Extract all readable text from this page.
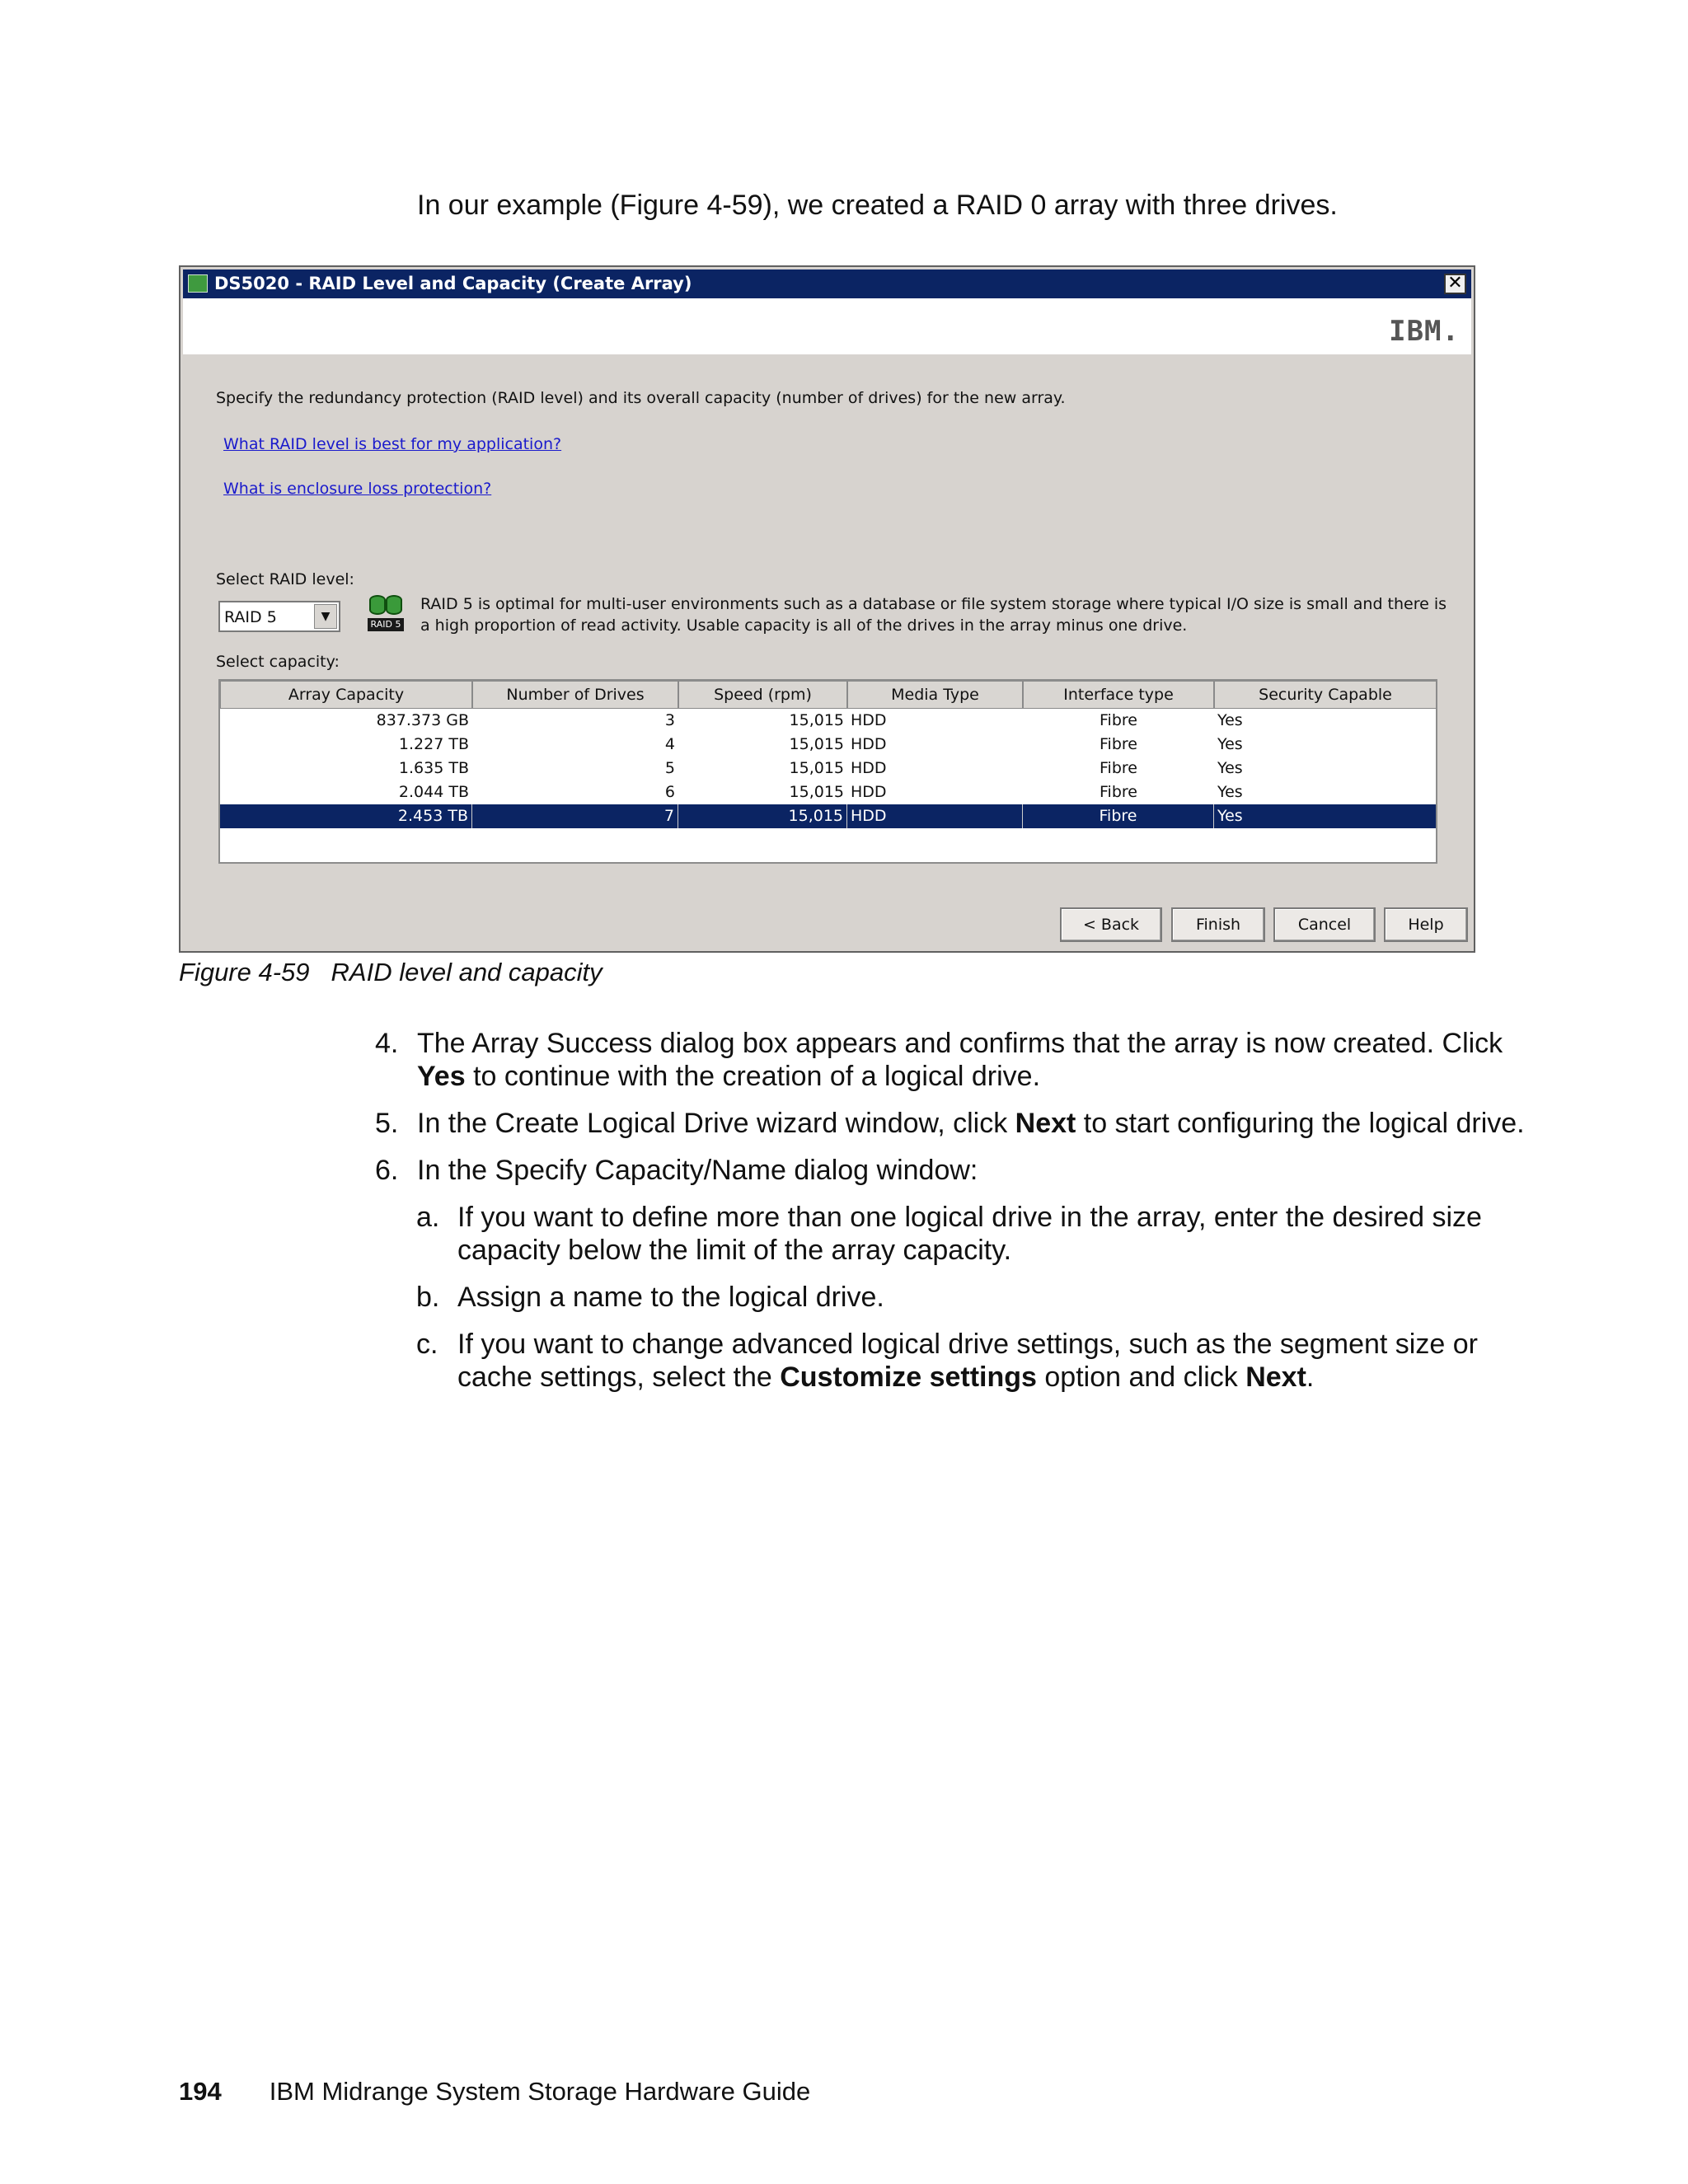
In our example (Figure 4-59), we created a RAID 0 array with three drives.
DS5020 - RAID Level and Capacity (Create Array)	✕
IBM.
Specify the redundancy protection (RAID level) and its overall capacity (number of drives) for the new array.
What RAID level is best for my application?
What is enclosure loss protection?
Select RAID level:
RAID 5	▼
RAID 5
RAID 5 is optimal for multi-user environments such as a database or file system storage where typical I/O size is small and there is a high proportion of read activity. Usable capacity is all of the drives in the array minus one drive.
Select capacity:
Array Capacity	Number of Drives	Speed (rpm)	Media Type	Interface type	Security Capable
837.373 GB	3	15,015 HDD	Fibre	Yes
1.227 TB	4	15,015 HDD	Fibre	Yes
1.635 TB	5	15,015 HDD	Fibre	Yes
2.044 TB	6	15,015 HDD	Fibre	Yes
2.453 TB	7	15,015 HDD	Fibre	Yes
< Back	Finish	Cancel	Help
Figure 4-59 RAID level and capacity
4. The Array Success dialog box appears and confirms that the array is now created. Click Yes to continue with the creation of a logical drive.
5. In the Create Logical Drive wizard window, click Next to start configuring the logical drive.
6. In the Specify Capacity/Name dialog window:
a. If you want to define more than one logical drive in the array, enter the desired size capacity below the limit of the array capacity.
b. Assign a name to the logical drive.
c. If you want to change advanced logical drive settings, such as the segment size or cache settings, select the Customize settings option and click Next.
194 IBM Midrange System Storage Hardware Guide
